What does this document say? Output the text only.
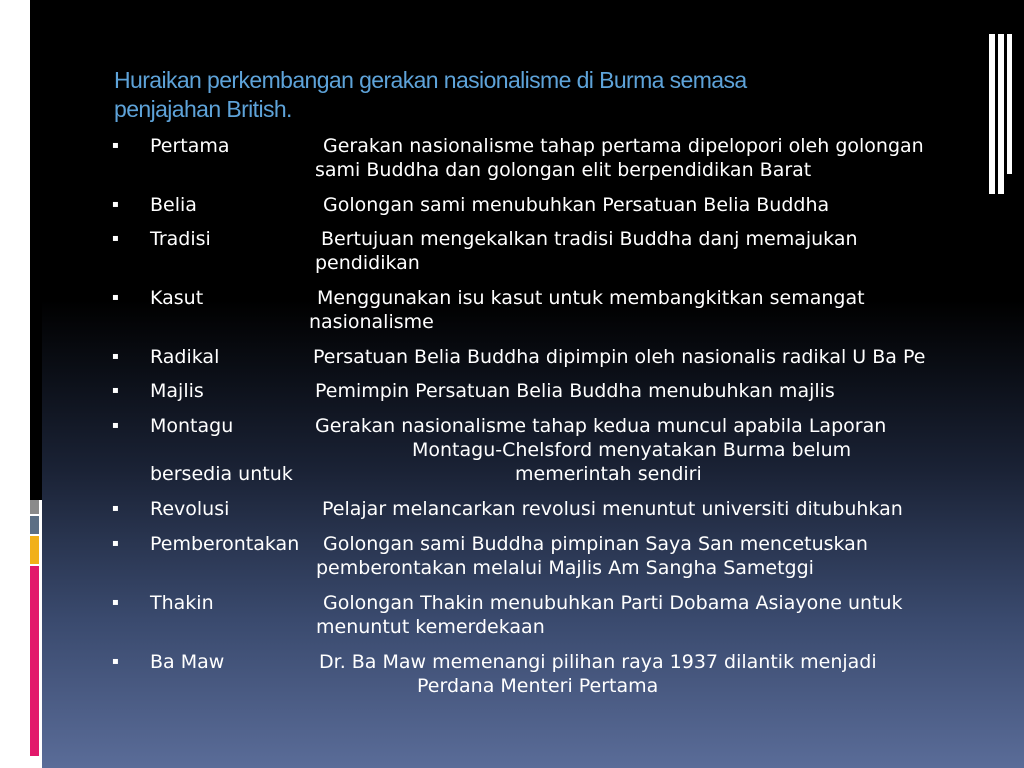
Huraikan perkembangan gerakan nasionalisme di Burma semasa
penjajahan British.
▪ Pertama	Gerakan nasionalisme tahap pertama dipelopori oleh golongan
sami Buddha dan golongan elit berpendidikan Barat
▪ Belia	Golongan sami menubuhkan Persatuan Belia Buddha
▪ Tradisi	Bertujuan mengekalkan tradisi Buddha danj memajukan
pendidikan
▪ Kasut	Menggunakan isu kasut untuk membangkitkan semangat
nasionalisme
▪ Radikal	Persatuan Belia Buddha dipimpin oleh nasionalis radikal U Ba Pe
▪ Majlis	Pemimpin Persatuan Belia Buddha menubuhkan majlis
▪ Montagu	Gerakan nasionalisme tahap kedua muncul apabila Laporan
Montagu-Chelsford menyatakan Burma belum
bersedia untuk	memerintah sendiri
▪ Revolusi	Pelajar melancarkan revolusi menuntut universiti ditubuhkan
▪ Pemberontakan Golongan sami Buddha pimpinan Saya San mencetuskan
pemberontakan melalui Majlis Am Sangha Sametggi
▪ Thakin	Golongan Thakin menubuhkan Parti Dobama Asiayone untuk
menuntut kemerdekaan
▪ Ba Maw	Dr. Ba Maw memenangi pilihan raya 1937 dilantik menjadi
Perdana Menteri Pertama
